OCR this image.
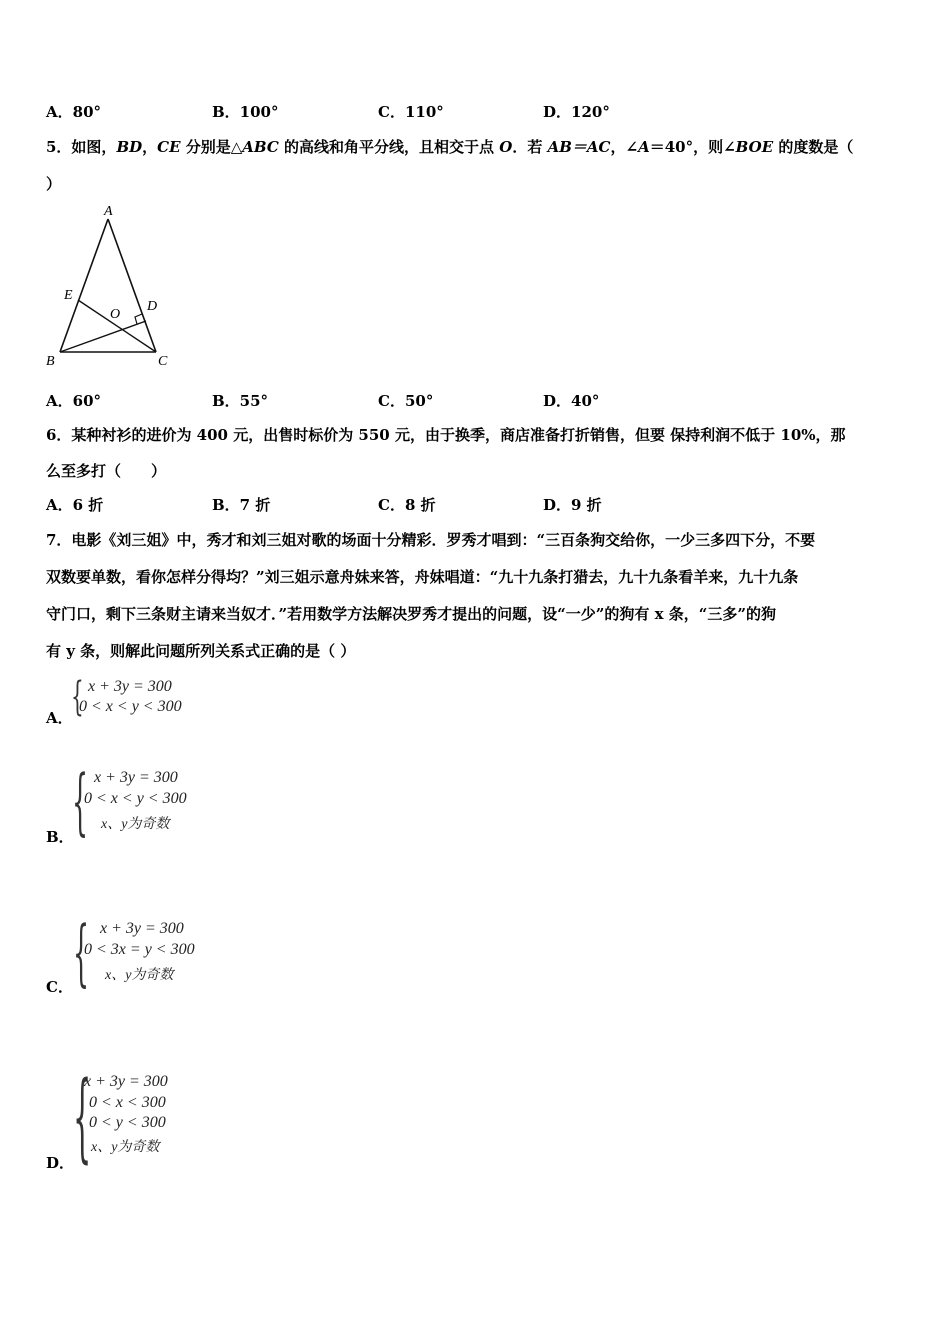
A．80°	B．100°	C．110°	D．120°
5．如图，BD，CE 分别是△ABC 的高线和角平分线，且相交于点 O．若 AB＝AC，∠A＝40°，则∠BOE 的度数是（
）
A
B	C
D
E
O
A．60°	B．55°	C．50°	D．40°
6．某种衬衫的进价为 400 元，出售时标价为 550 元，由于换季，商店准备打折销售，但要 保持利润不低于 10%，那
么至多打（　　）
A．6 折	B．7 折	C．8 折	D．9 折
7．电影《刘三姐》中，秀才和刘三姐对歌的场面十分精彩．罗秀才唱到：“三百条狗交给你，一少三多四下分，不要
双数要单数，看你怎样分得均？”刘三姐示意舟妹来答，舟妹唱道：“九十九条打猎去，九十九条看羊来，九十九条
守门口，剩下三条财主请来当奴才．”若用数学方法解决罗秀才提出的问题，设“一少”的狗有 x 条，“三多”的狗
有 y 条，则解此问题所列关系式正确的是（ ）
A．
{ x + 3y = 300
0 < x < y < 300
B．
{ x + 3y = 300
0 < x < y < 300
x、y为奇数
C． { x + 3y = 300
0 < 3x = y < 300
x、y为奇数
D．
{
x + 3y = 300
0 < x < 300
0 < y < 300
x、y为奇数
